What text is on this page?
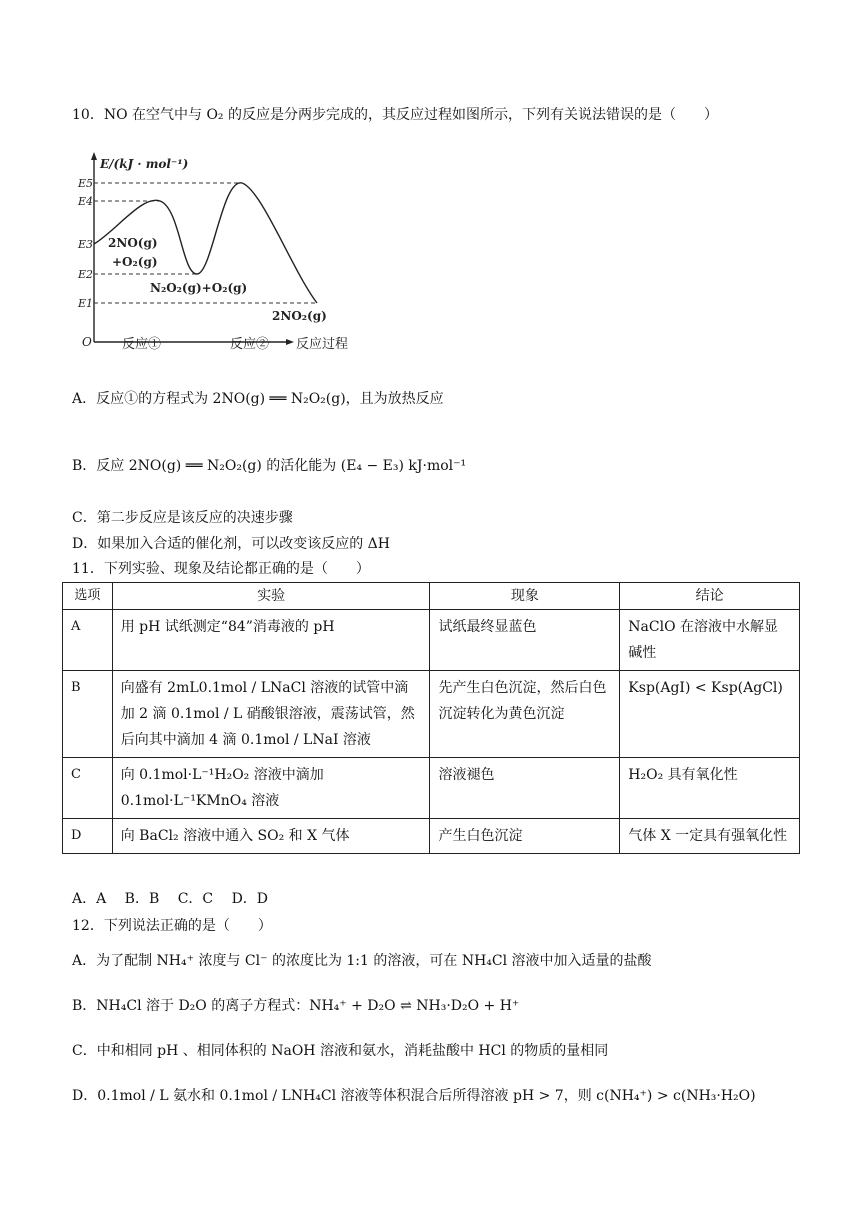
10．NO 在空气中与 O₂ 的反应是分两步完成的，其反应过程如图所示，下列有关说法错误的是（　　）
E/(kJ · mol⁻¹)
O
E5
E4
E3
E2
E1
2NO(g)
+O₂(g)
N₂O₂(g)+O₂(g)
2NO₂(g)
反应①	反应② 反应过程
A．反应①的方程式为 2NO(g) ══ N₂O₂(g)，且为放热反应
B．反应 2NO(g) ══ N₂O₂(g) 的活化能为 (E₄ − E₃) kJ·mol⁻¹
C．第二步反应是该反应的决速步骤
D．如果加入合适的催化剂，可以改变该反应的 ΔH
11．下列实验、现象及结论都正确的是（　　）
选项	实验	现象	结论
A	用 pH 试纸测定“84”消毒液的 pH	试纸最终显蓝色	NaClO 在溶液中水解显碱性
B	向盛有 2mL0.1mol / LNaCl 溶液的试管中滴加 2 滴 0.1mol / L 硝酸银溶液，震荡试管，然后向其中滴加 4 滴 0.1mol / LNaI 溶液	先产生白色沉淀，然后白色沉淀转化为黄色沉淀	Ksp(AgI) < Ksp(AgCl)
C	向 0.1mol·L⁻¹H₂O₂ 溶液中滴加 0.1mol·L⁻¹KMnO₄ 溶液	溶液褪色	H₂O₂ 具有氧化性
D	向 BaCl₂ 溶液中通入 SO₂ 和 X 气体	产生白色沉淀	气体 X 一定具有强氧化性
A．A　 B．B　 C．C　 D．D
12．下列说法正确的是（　　）
A．为了配制 NH₄⁺ 浓度与 Cl⁻ 的浓度比为 1:1 的溶液，可在 NH₄Cl 溶液中加入适量的盐酸
B．NH₄Cl 溶于 D₂O 的离子方程式：NH₄⁺ + D₂O ⇌ NH₃·D₂O + H⁺
C．中和相同 pH 、相同体积的 NaOH 溶液和氨水，消耗盐酸中 HCl 的物质的量相同
D．0.1mol / L 氨水和 0.1mol / LNH₄Cl 溶液等体积混合后所得溶液 pH > 7，则 c(NH₄⁺) > c(NH₃·H₂O)
